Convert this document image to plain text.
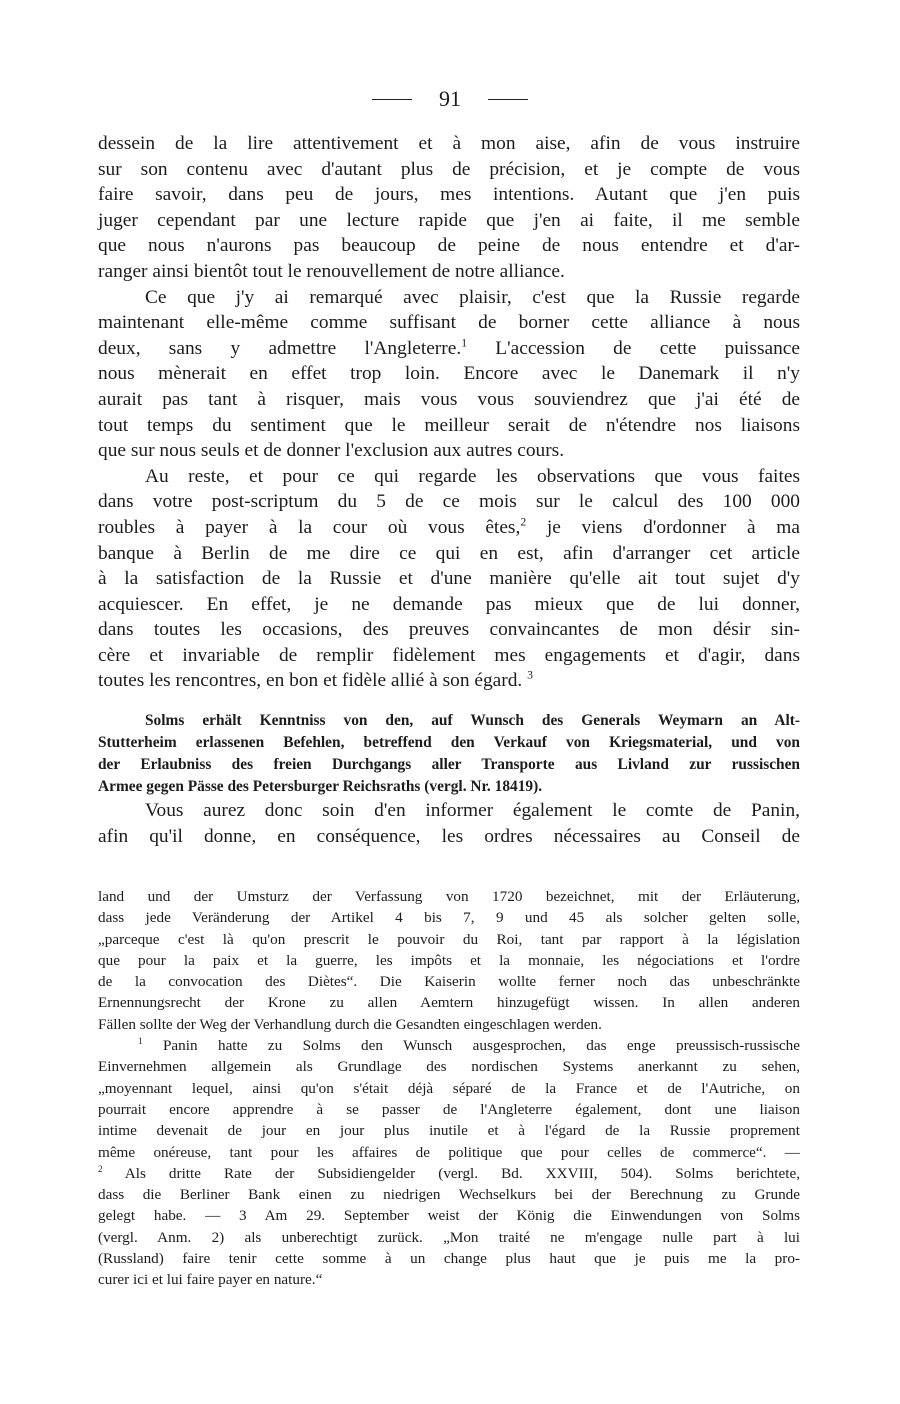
91
dessein de la lire attentivement et à mon aise, afin de vous instruire
sur son contenu avec d'autant plus de précision, et je compte de vous
faire savoir, dans peu de jours, mes intentions. Autant que j'en puis
juger cependant par une lecture rapide que j'en ai faite, il me semble
que nous n'aurons pas beaucoup de peine de nous entendre et d'ar-
ranger ainsi bientôt tout le renouvellement de notre alliance.
Ce que j'y ai remarqué avec plaisir, c'est que la Russie regarde
maintenant elle-même comme suffisant de borner cette alliance à nous
deux, sans y admettre l'Angleterre.$^1$ L'accession de cette puissance
nous mènerait en effet trop loin. Encore avec le Danemark il n'y
aurait pas tant à risquer, mais vous vous souviendrez que j'ai été de
tout temps du sentiment que le meilleur serait de n'étendre nos liaisons
que sur nous seuls et de donner l'exclusion aux autres cours.
Au reste, et pour ce qui regarde les observations que vous faites
dans votre post-scriptum du 5 de ce mois sur le calcul des 100 000
roubles à payer à la cour où vous êtes,$^2$ je viens d'ordonner à ma
banque à Berlin de me dire ce qui en est, afin d'arranger cet article
à la satisfaction de la Russie et d'une manière qu'elle ait tout sujet d'y
acquiescer. En effet, je ne demande pas mieux que de lui donner,
dans toutes les occasions, des preuves convaincantes de mon désir sin-
cère et invariable de remplir fidèlement mes engagements et d'agir, dans
toutes les rencontres, en bon et fidèle allié à son égard. $^3$
Solms erhält Kenntniss von den, auf Wunsch des Generals Weymarn an Alt-
Stutterheim erlassenen Befehlen, betreffend den Verkauf von Kriegsmaterial, und von
der Erlaubniss des freien Durchgangs aller Transporte aus Livland zur russischen
Armee gegen Pässe des Petersburger Reichsraths (vergl. Nr. 18419).
Vous aurez donc soin d'en informer également le comte de Panin,
afin qu'il donne, en conséquence, les ordres nécessaires au Conseil de
land und der Umsturz der Verfassung von 1720 bezeichnet, mit der Erläuterung,
dass jede Veränderung der Artikel 4 bis 7, 9 und 45 als solcher gelten solle,
„parceque c'est là qu'on prescrit le pouvoir du Roi, tant par rapport à la législation
que pour la paix et la guerre, les impôts et la monnaie, les négociations et l'ordre
de la convocation des Diètes“. Die Kaiserin wollte ferner noch das unbeschränkte
Ernennungsrecht der Krone zu allen Aemtern hinzugefügt wissen. In allen anderen
Fällen sollte der Weg der Verhandlung durch die Gesandten eingeschlagen werden.
$^1$ Panin hatte zu Solms den Wunsch ausgesprochen, das enge preussisch-russische
Einvernehmen allgemein als Grundlage des nordischen Systems anerkannt zu sehen,
„moyennant lequel, ainsi qu'on s'était déjà séparé de la France et de l'Autriche, on
pourrait encore apprendre à se passer de l'Angleterre également, dont une liaison
intime devenait de jour en jour plus inutile et à l'égard de la Russie proprement
même onéreuse, tant pour les affaires de politique que pour celles de commerce“. —
$^2$ Als dritte Rate der Subsidiengelder (vergl. Bd. XXVIII, 504). Solms berichtete,
dass die Berliner Bank einen zu niedrigen Wechselkurs bei der Berechnung zu Grunde
gelegt habe. — 3 Am 29. September weist der König die Einwendungen von Solms
(vergl. Anm. 2) als unberechtigt zurück. „Mon traité ne m'engage nulle part à lui
(Russland) faire tenir cette somme à un change plus haut que je puis me la pro-
curer ici et lui faire payer en nature.“
